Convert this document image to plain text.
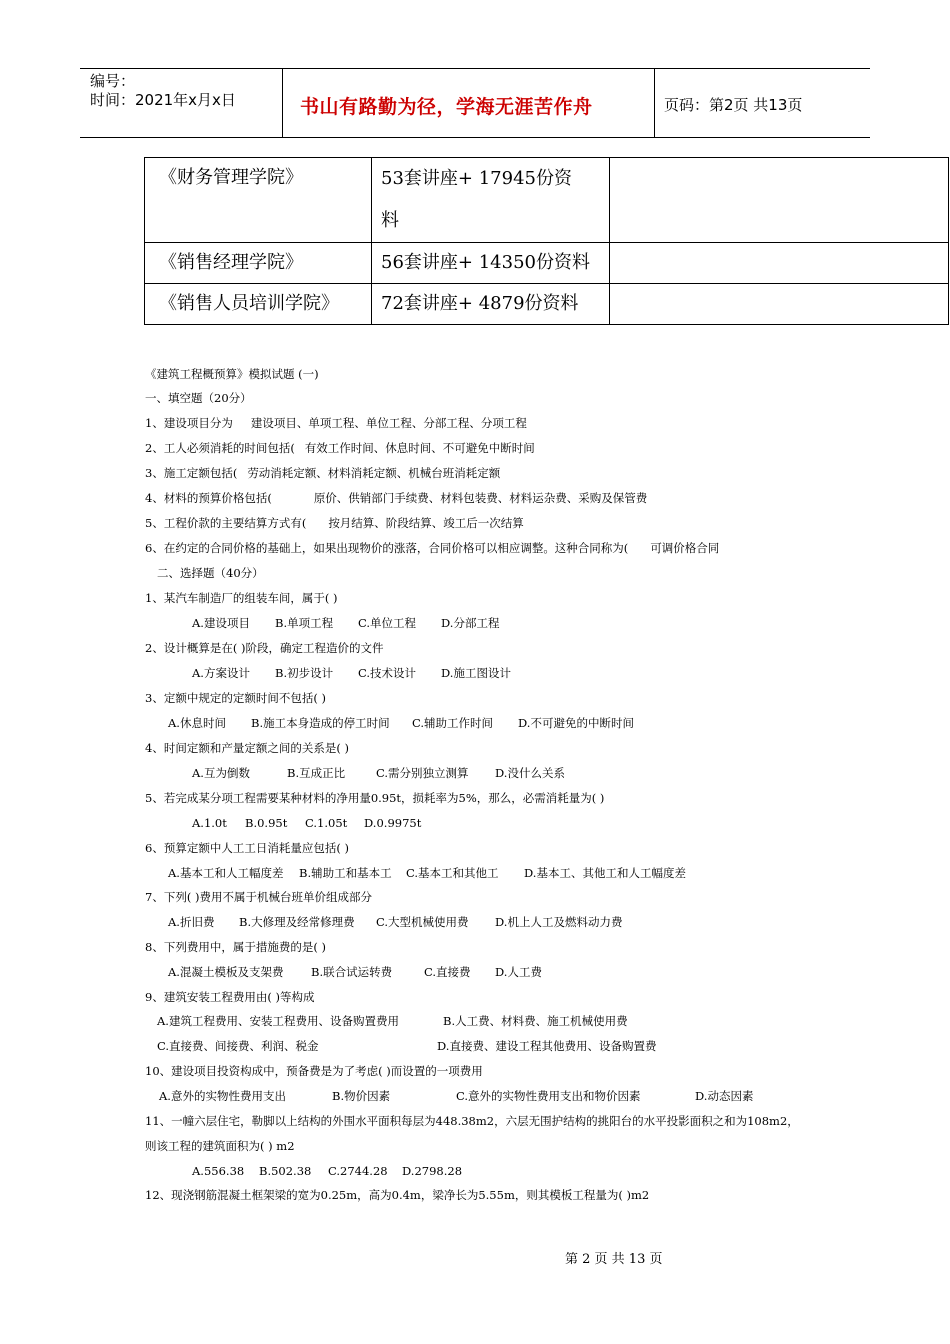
编号：
时间：2021年x月x日	书山有路勤为径，学海无涯苦作舟	页码：第2页 共13页
《财务管理学院》	53套讲座+ 17945份资料	

《销售经理学院》	56套讲座+ 14350份资料	
《销售人员培训学院》	72套讲座+ 4879份资料	
《建筑工程概预算》模拟试题 (一)
一、填空题（20分）
1、建设项目分为 建设项目、单项工程、单位工程、分部工程、分项工程
2、工人必须消耗的时间包括( 有效工作时间、休息时间、不可避免中断时间
3、施工定额包括( 劳动消耗定额、材料消耗定额、机械台班消耗定额
4、材料的预算价格包括(	原价、供销部门手续费、材料包装费、材料运杂费、采购及保管费
5、工程价款的主要结算方式有( 按月结算、阶段结算、竣工后一次结算
6、在约定的合同价格的基础上，如果出现物价的涨落，合同价格可以相应调整。这种合同称为( 可调价格合同
二、选择题（40分）
1、某汽车制造厂的组装车间，属于( )
A.建设项目 B.单项工程 C.单位工程 D.分部工程
2、设计概算是在( )阶段，确定工程造价的文件
A.方案设计 B.初步设计 C.技术设计 D.施工图设计
3、定额中规定的定额时间不包括( )
A.休息时间 B.施工本身造成的停工时间 C.辅助工作时间 D.不可避免的中断时间
4、时间定额和产量定额之间的关系是( )
A.互为倒数	B.互成正比	C.需分别独立测算 D.没什么关系
5、若完成某分项工程需要某种材料的净用量0.95t，损耗率为5%，那么，必需消耗量为( )
A.1.0t B.0.95t C.1.05t D.0.9975t
6、预算定额中人工工日消耗量应包括( )
A.基本工和人工幅度差 B.辅助工和基本工 C.基本工和其他工 D.基本工、其他工和人工幅度差
7、下列( )费用不属于机械台班单价组成部分
A.折旧费 B.大修理及经常修理费 C.大型机械使用费 D.机上人工及燃料动力费
8、下列费用中，属于措施费的是( )
A.混凝土模板及支架费 B.联合试运转费	C.直接费 D.人工费
9、建筑安装工程费用由( )等构成
A.建筑工程费用、安装工程费用、设备购置费用	B.人工费、材料费、施工机械使用费
C.直接费、间接费、利润、税金	D.直接费、建设工程其他费用、设备购置费
10、建设项目投资构成中，预备费是为了考虑( )而设置的一项费用
A.意外的实物性费用支出	B.物价因素	C.意外的实物性费用支出和物价因素	D.动态因素
11、一幢六层住宅，勒脚以上结构的外围水平面积每层为448.38m2，六层无围护结构的挑阳台的水平投影面积之和为108m2，
则该工程的建筑面积为( ) m2
A.556.38 B.502.38 C.2744.28 D.2798.28
12、现浇钢筋混凝土框架梁的宽为0.25m，高为0.4m，梁净长为5.55m，则其模板工程量为( )m2
第 2 页 共 13 页
